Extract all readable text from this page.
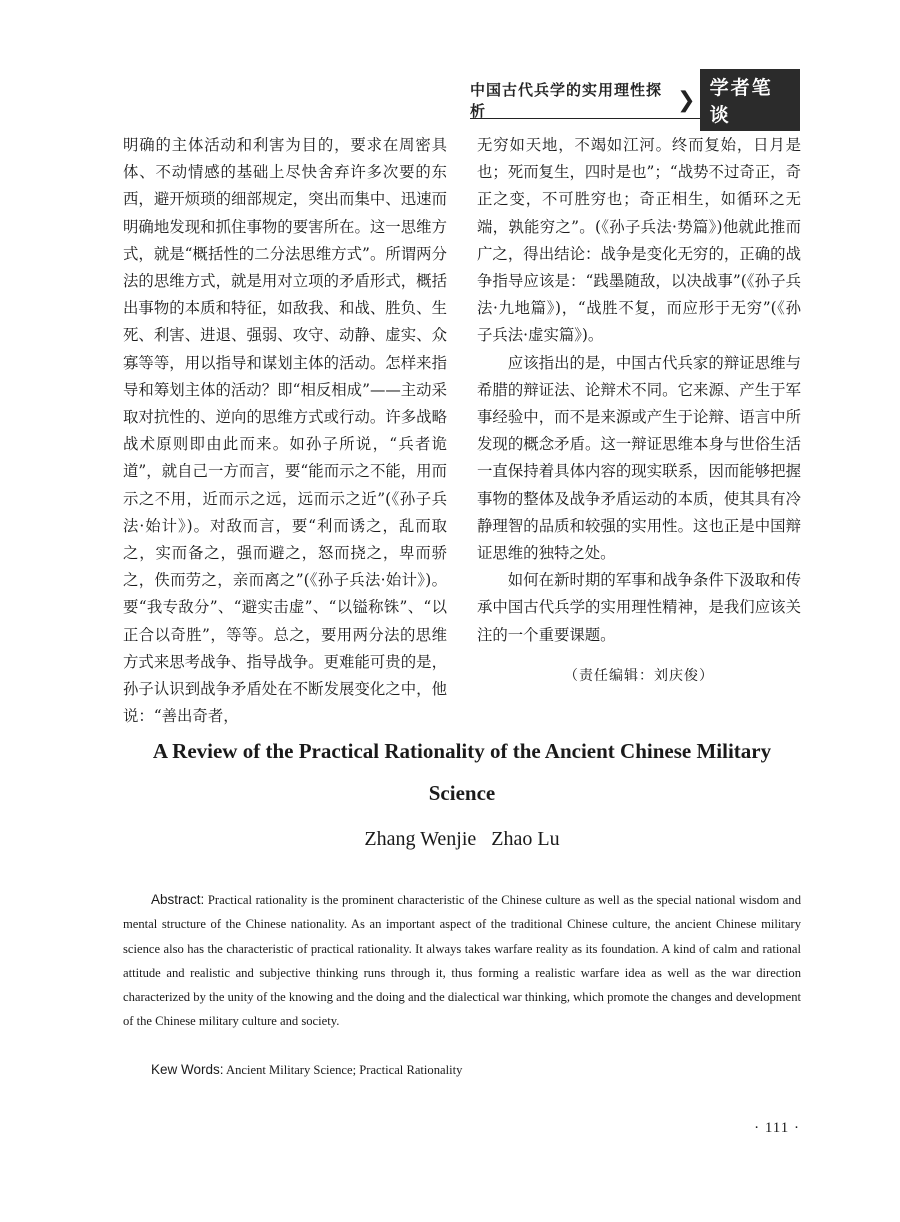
中国古代兵学的实用理性探析	❯ 学者笔谈

明确的主体活动和利害为目的，要求在周密具体、不动情感的基础上尽快舍弃许多次要的东西，避开烦琐的细部规定，突出而集中、迅速而明确地发现和抓住事物的要害所在。这一思维方式，就是“概括性的二分法思维方式”。所谓两分法的思维方式，就是用对立项的矛盾形式，概括出事物的本质和特征，如敌我、和战、胜负、生死、利害、进退、强弱、攻守、动静、虚实、众寡等等，用以指导和谋划主体的活动。怎样来指导和筹划主体的活动？即“相反相成”——主动采取对抗性的、逆向的思维方式或行动。许多战略战术原则即由此而来。如孙子所说，“兵者诡道”，就自己一方而言，要“能而示之不能，用而示之不用，近而示之远，远而示之近”(《孙子兵法·始计》)。对敌而言，要“利而诱之，乱而取之，实而备之，强而避之，怒而挠之，卑而骄之，佚而劳之，亲而离之”(《孙子兵法·始计》)。要“我专敌分”、“避实击虚”、“以镒称铢”、“以正合以奇胜”，等等。总之，要用两分法的思维方式来思考战争、指导战争。更难能可贵的是，孙子认识到战争矛盾处在不断发展变化之中，他说：“善出奇者，

无穷如天地，不竭如江河。终而复始，日月是也；死而复生，四时是也”；“战势不过奇正，奇正之变，不可胜穷也；奇正相生，如循环之无端，孰能穷之”。(《孙子兵法·势篇》)他就此推而广之，得出结论：战争是变化无穷的，正确的战争指导应该是：“践墨随敌，以决战事”(《孙子兵法·九地篇》)，“战胜不复，而应形于无穷”(《孙子兵法·虚实篇》)。

应该指出的是，中国古代兵家的辩证思维与希腊的辩证法、论辩术不同。它来源、产生于军事经验中，而不是来源或产生于论辩、语言中所发现的概念矛盾。这一辩证思维本身与世俗生活一直保持着具体内容的现实联系，因而能够把握事物的整体及战争矛盾运动的本质，使其具有冷静理智的品质和较强的实用性。这也正是中国辩证思维的独特之处。

如何在新时期的军事和战争条件下汲取和传承中国古代兵学的实用理性精神，是我们应该关注的一个重要课题。

（责任编辑：刘庆俊）

A Review of the Practical Rationality of the Ancient Chinese Military Science
Zhang Wenjie Zhao Lu
Abstract: Practical rationality is the prominent characteristic of the Chinese culture as well as the special national wisdom and mental structure of the Chinese nationality. As an important aspect of the traditional Chinese culture, the ancient Chinese military science also has the characteristic of practical rationality. It always takes warfare reality as its foundation. A kind of calm and rational attitude and realistic and subjective thinking runs through it, thus forming a realistic warfare idea as well as the war direction characterized by the unity of the knowing and the doing and the dialectical war thinking, which promote the changes and development of the Chinese military culture and society.
Kew Words: Ancient Military Science; Practical Rationality
· 111 ·
